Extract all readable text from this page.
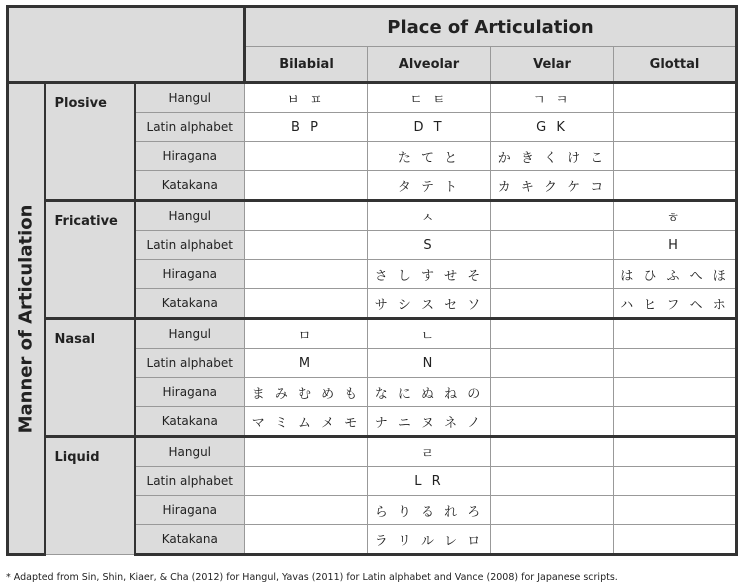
			Place of Articulation			
			Bilabial	Alveolar	Velar	Glottal

Manner of Articulation	Plosive	Hangul	ㅂ ㅍ	ㄷ ㅌ	ㄱ ㅋ	
		Latin alphabet	B P	D T	G K	
		Hiragana		た て と	か き く け こ	
		Katakana		タ テ ト	カ キ ク ケ コ	

	Fricative	Hangul		ㅅ		ㅎ
		Latin alphabet		S		H
		Hiragana		さ し す せ そ		は ひ ふ へ ほ
		Katakana		サ シ ス セ ソ		ハ ヒ フ ヘ ホ

	Nasal	Hangul	ㅁ	ㄴ		
		Latin alphabet	M	N		
		Hiragana	ま み む め も	な に ぬ ね の		
		Katakana	マ ミ ム メ モ	ナ ニ ヌ ネ ノ		

	Liquid	Hangul		ㄹ		
		Latin alphabet		L R		
		Hiragana		ら り る れ ろ		
		Katakana		ラ リ ル レ ロ		
* Adapted from Sin, Shin, Kiaer, & Cha (2012) for Hangul, Yavas (2011) for Latin alphabet and Vance (2008) for Japanese scripts.
